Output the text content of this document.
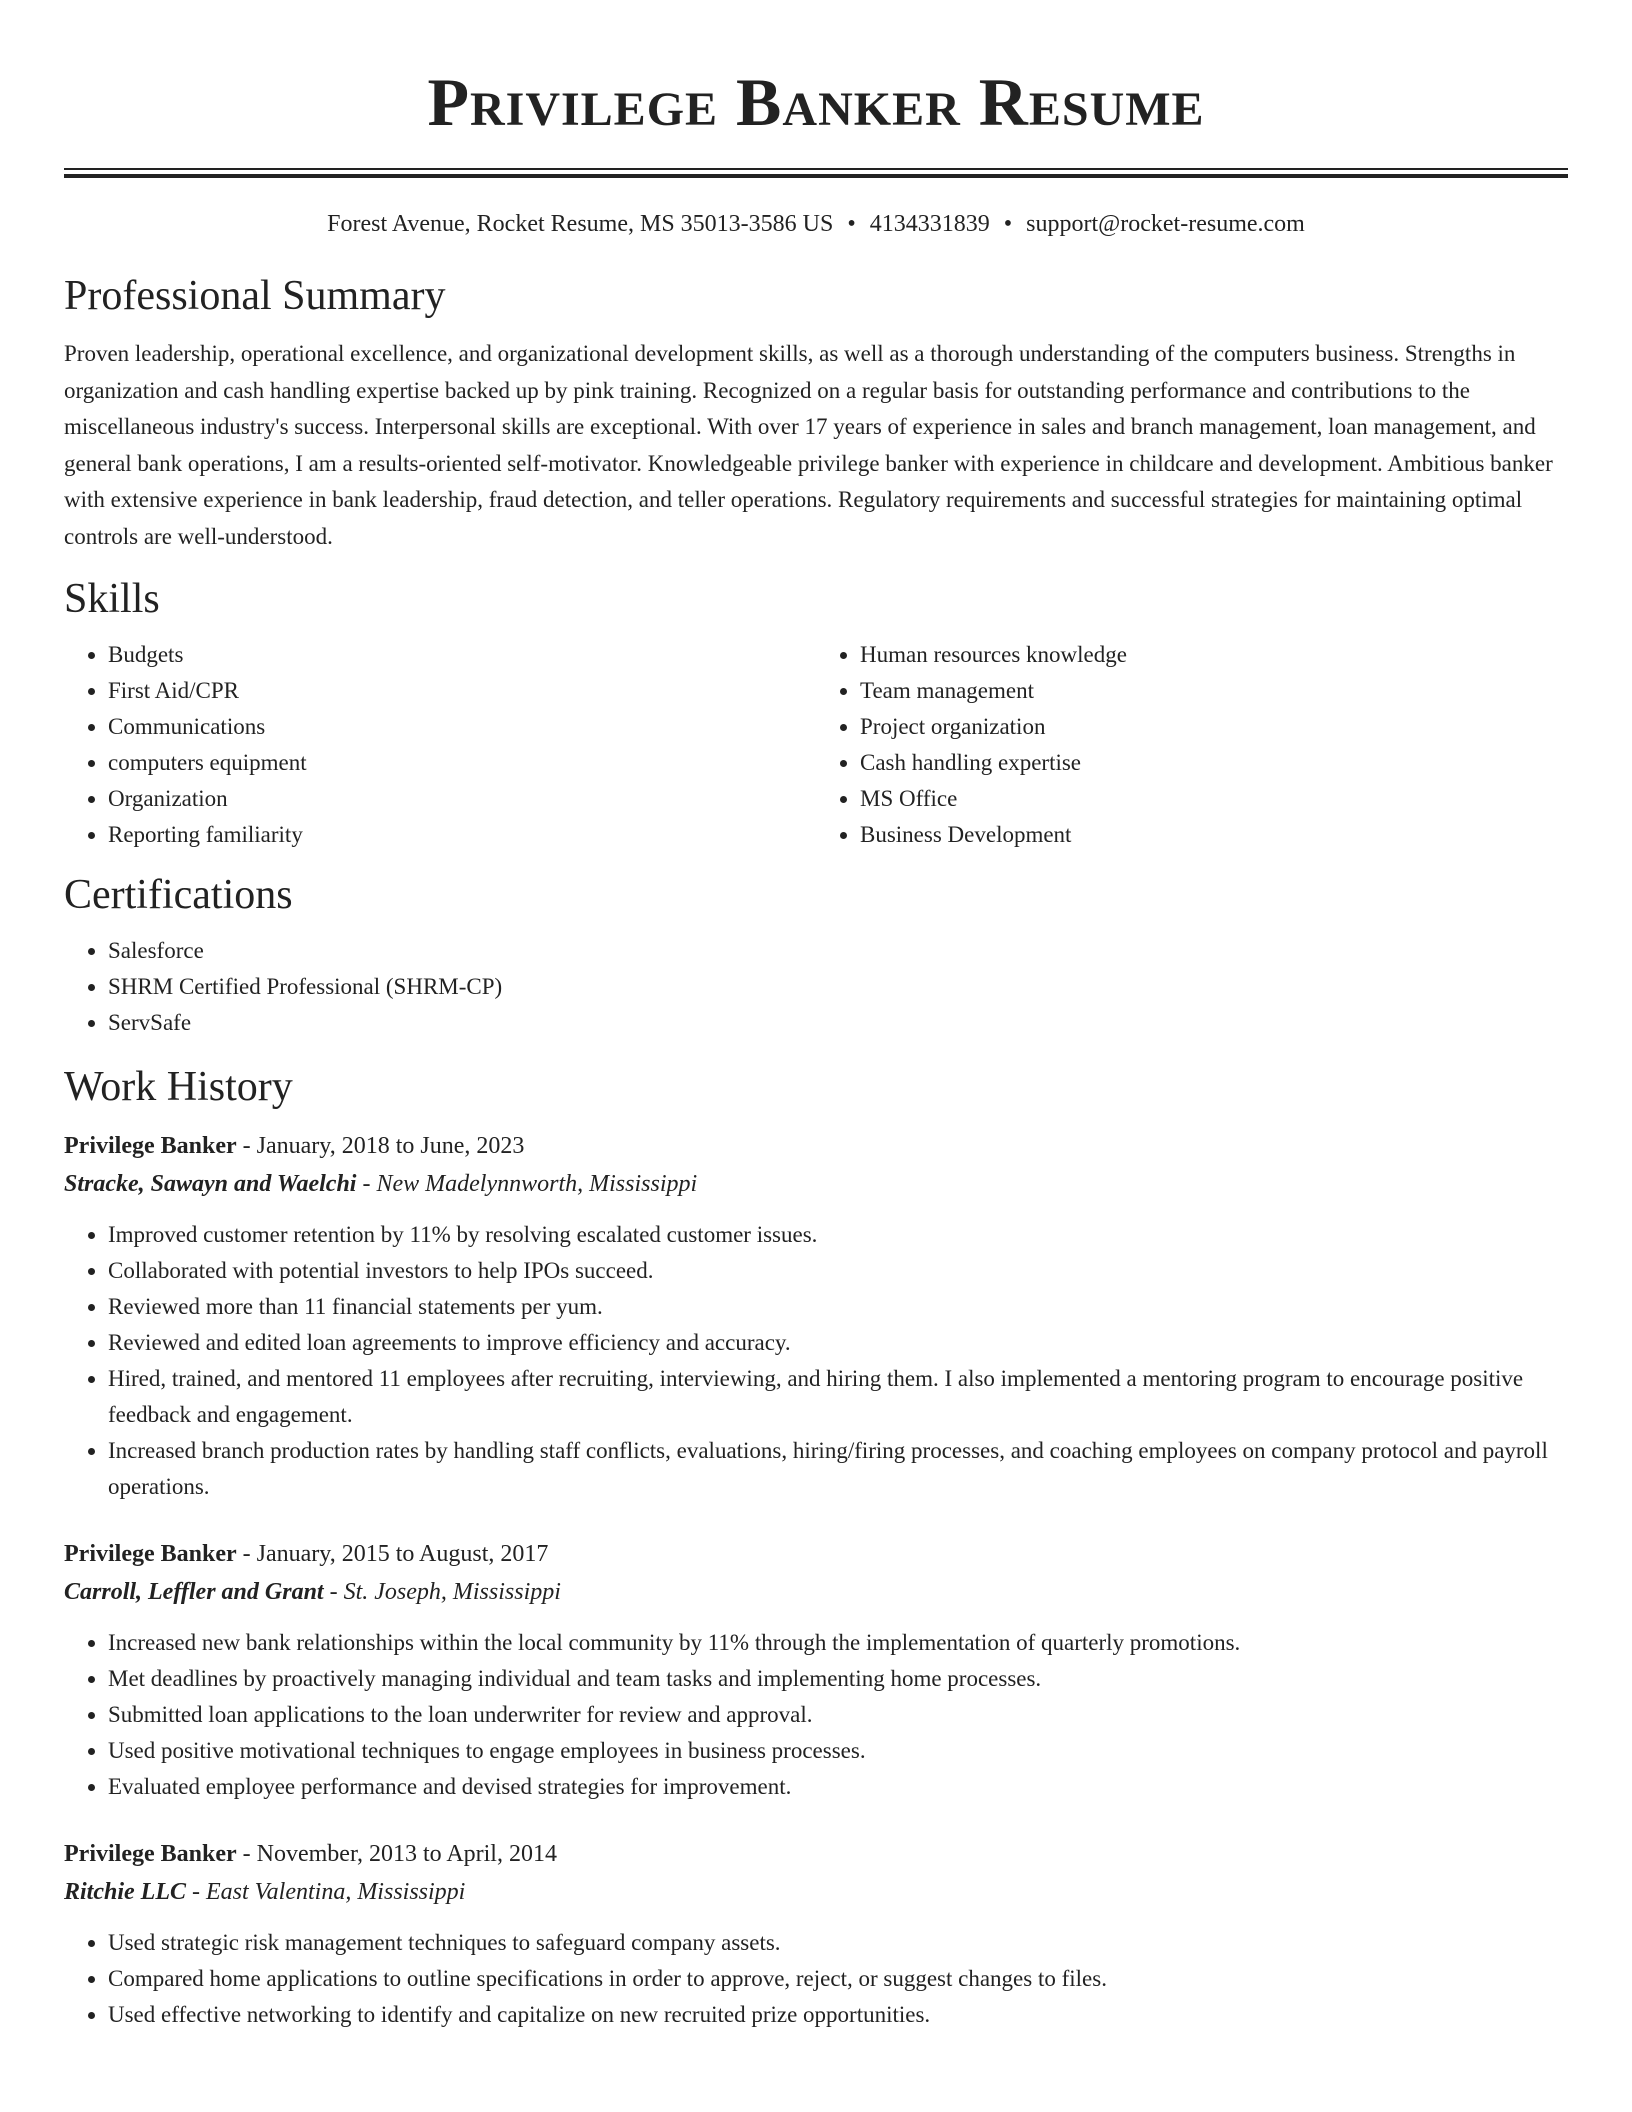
Privilege Banker Resume
Forest Avenue, Rocket Resume, MS 35013-3586 US • 4134331839 • support@rocket-resume.com
Professional Summary

Proven leadership, operational excellence, and organizational development skills, as well as a thorough understanding of the computers business. Strengths in organization and cash handling expertise backed up by pink training. Recognized on a regular basis for outstanding performance and contributions to the miscellaneous industry's success. Interpersonal skills are exceptional. With over 17 years of experience in sales and branch management, loan management, and general bank operations, I am a results-oriented self-motivator. Knowledgeable privilege banker with experience in childcare and development. Ambitious banker with extensive experience in bank leadership, fraud detection, and teller operations. Regulatory requirements and successful strategies for maintaining optimal controls are well-understood.

Skills
• Budgets
• First Aid/CPR
• Communications
• computers equipment
• Organization
• Reporting familiarity
• Human resources knowledge
• Team management
• Project organization
• Cash handling expertise
• MS Office
• Business Development
Certifications
• Salesforce
• SHRM Certified Professional (SHRM-CP)
• ServSafe
Work History
Privilege Banker - January, 2018 to June, 2023
Stracke, Sawayn and Waelchi - New Madelynnworth, Mississippi
• Improved customer retention by 11% by resolving escalated customer issues.
• Collaborated with potential investors to help IPOs succeed.
• Reviewed more than 11 financial statements per yum.
• Reviewed and edited loan agreements to improve efficiency and accuracy.
• Hired, trained, and mentored 11 employees after recruiting, interviewing, and hiring them. I also implemented a mentoring program to encourage positive feedback and engagement.
• Increased branch production rates by handling staff conflicts, evaluations, hiring/firing processes, and coaching employees on company protocol and payroll operations.
Privilege Banker - January, 2015 to August, 2017
Carroll, Leffler and Grant - St. Joseph, Mississippi
• Increased new bank relationships within the local community by 11% through the implementation of quarterly promotions.
• Met deadlines by proactively managing individual and team tasks and implementing home processes.
• Submitted loan applications to the loan underwriter for review and approval.
• Used positive motivational techniques to engage employees in business processes.
• Evaluated employee performance and devised strategies for improvement.
Privilege Banker - November, 2013 to April, 2014
Ritchie LLC - East Valentina, Mississippi
• Used strategic risk management techniques to safeguard company assets.
• Compared home applications to outline specifications in order to approve, reject, or suggest changes to files.
• Used effective networking to identify and capitalize on new recruited prize opportunities.
